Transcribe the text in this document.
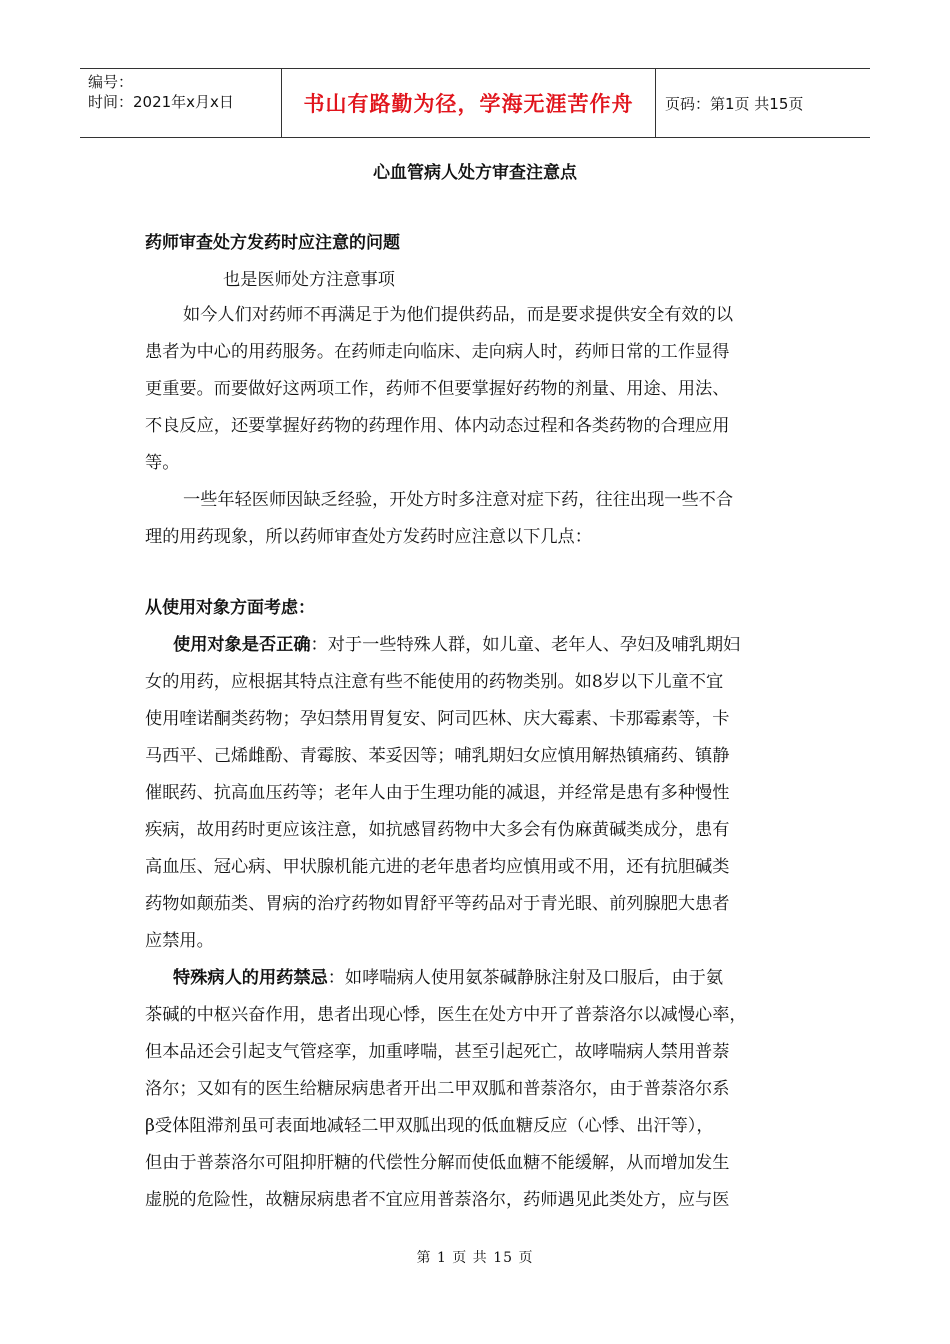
编号：
时间：2021年x月x日	书山有路勤为径，学海无涯苦作舟	页码：第1页 共15页
心血管病人处方审查注意点
药师审查处方发药时应注意的问题
也是医师处方注意事项
如今人们对药师不再满足于为他们提供药品，而是要求提供安全有效的以
患者为中心的用药服务。在药师走向临床、走向病人时，药师日常的工作显得
更重要。而要做好这两项工作，药师不但要掌握好药物的剂量、用途、用法、
不良反应，还要掌握好药物的药理作用、体内动态过程和各类药物的合理应用
等。
一些年轻医师因缺乏经验，开处方时多注意对症下药，往往出现一些不合
理的用药现象，所以药师审查处方发药时应注意以下几点：
从使用对象方面考虑：
使用对象是否正确：对于一些特殊人群，如儿童、老年人、孕妇及哺乳期妇
女的用药，应根据其特点注意有些不能使用的药物类别。如8岁以下儿童不宜
使用喹诺酮类药物；孕妇禁用胃复安、阿司匹林、庆大霉素、卡那霉素等，卡
马西平、己烯雌酚、青霉胺、苯妥因等；哺乳期妇女应慎用解热镇痛药、镇静
催眠药、抗高血压药等；老年人由于生理功能的减退，并经常是患有多种慢性
疾病，故用药时更应该注意，如抗感冒药物中大多会有伪麻黄碱类成分，患有
高血压、冠心病、甲状腺机能亢进的老年患者均应慎用或不用，还有抗胆碱类
药物如颠茄类、胃病的治疗药物如胃舒平等药品对于青光眼、前列腺肥大患者
应禁用。
特殊病人的用药禁忌：如哮喘病人使用氨茶碱静脉注射及口服后，由于氨
茶碱的中枢兴奋作用，患者出现心悸，医生在处方中开了普萘洛尔以减慢心率，
但本品还会引起支气管痉挛，加重哮喘，甚至引起死亡，故哮喘病人禁用普萘
洛尔；又如有的医生给糖尿病患者开出二甲双胍和普萘洛尔，由于普萘洛尔系
β受体阻滞剂虽可表面地减轻二甲双胍出现的低血糖反应（心悸、出汗等），
但由于普萘洛尔可阻抑肝糖的代偿性分解而使低血糖不能缓解，从而增加发生
虚脱的危险性，故糖尿病患者不宜应用普萘洛尔，药师遇见此类处方，应与医
第 1 页 共 15 页
